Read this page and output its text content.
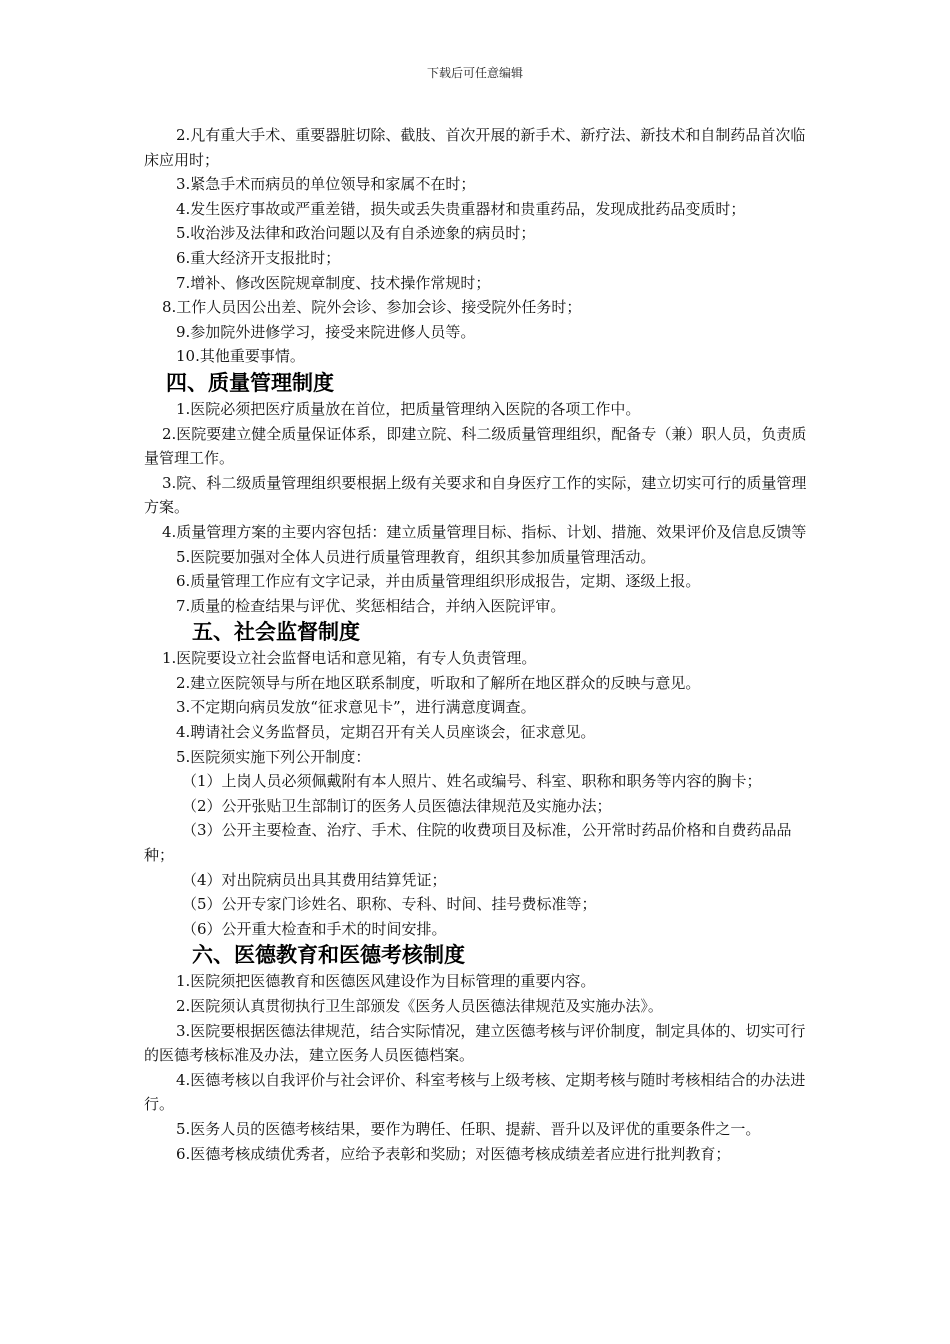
下载后可任意编辑

2.凡有重大手术、重要器脏切除、截肢、首次开展的新手术、新疗法、新技术和自制药品首次临床应用时；

3.紧急手术而病员的单位领导和家属不在时；

4.发生医疗事故或严重差错，损失或丢失贵重器材和贵重药品，发现成批药品变质时；

5.收治涉及法律和政治问题以及有自杀迹象的病员时；

6.重大经济开支报批时；

7.增补、修改医院规章制度、技术操作常规时；

8.工作人员因公出差、院外会诊、参加会诊、接受院外任务时；

9.参加院外进修学习，接受来院进修人员等。

10.其他重要事情。

四、质量管理制度

1.医院必须把医疗质量放在首位，把质量管理纳入医院的各项工作中。

2.医院要建立健全质量保证体系，即建立院、科二级质量管理组织，配备专（兼）职人员，负责质量管理工作。

3.院、科二级质量管理组织要根据上级有关要求和自身医疗工作的实际，建立切实可行的质量管理方案。

4.质量管理方案的主要内容包括：建立质量管理目标、指标、计划、措施、效果评价及信息反馈等

5.医院要加强对全体人员进行质量管理教育，组织其参加质量管理活动。

6.质量管理工作应有文字记录，并由质量管理组织形成报告，定期、逐级上报。

7.质量的检查结果与评优、奖惩相结合，并纳入医院评审。

五、社会监督制度

1.医院要设立社会监督电话和意见箱，有专人负责管理。

2.建立医院领导与所在地区联系制度，听取和了解所在地区群众的反映与意见。

3.不定期向病员发放“征求意见卡”，进行满意度调查。

4.聘请社会义务监督员，定期召开有关人员座谈会，征求意见。

5.医院须实施下列公开制度：

（1）上岗人员必须佩戴附有本人照片、姓名或编号、科室、职称和职务等内容的胸卡；

（2）公开张贴卫生部制订的医务人员医德法律规范及实施办法；

（3）公开主要检查、治疗、手术、住院的收费项目及标准，公开常时药品价格和自费药品品种；

（4）对出院病员出具其费用结算凭证；

（5）公开专家门诊姓名、职称、专科、时间、挂号费标准等；

（6）公开重大检查和手术的时间安排。

六、医德教育和医德考核制度

1.医院须把医德教育和医德医风建设作为目标管理的重要内容。

2.医院须认真贯彻执行卫生部颁发《医务人员医德法律规范及实施办法》。

3.医院要根据医德法律规范，结合实际情况，建立医德考核与评价制度，制定具体的、切实可行的医德考核标准及办法，建立医务人员医德档案。

4.医德考核以自我评价与社会评价、科室考核与上级考核、定期考核与随时考核相结合的办法进行。

5.医务人员的医德考核结果，要作为聘任、任职、提薪、晋升以及评优的重要条件之一。

6.医德考核成绩优秀者，应给予表彰和奖励；对医德考核成绩差者应进行批判教育；
